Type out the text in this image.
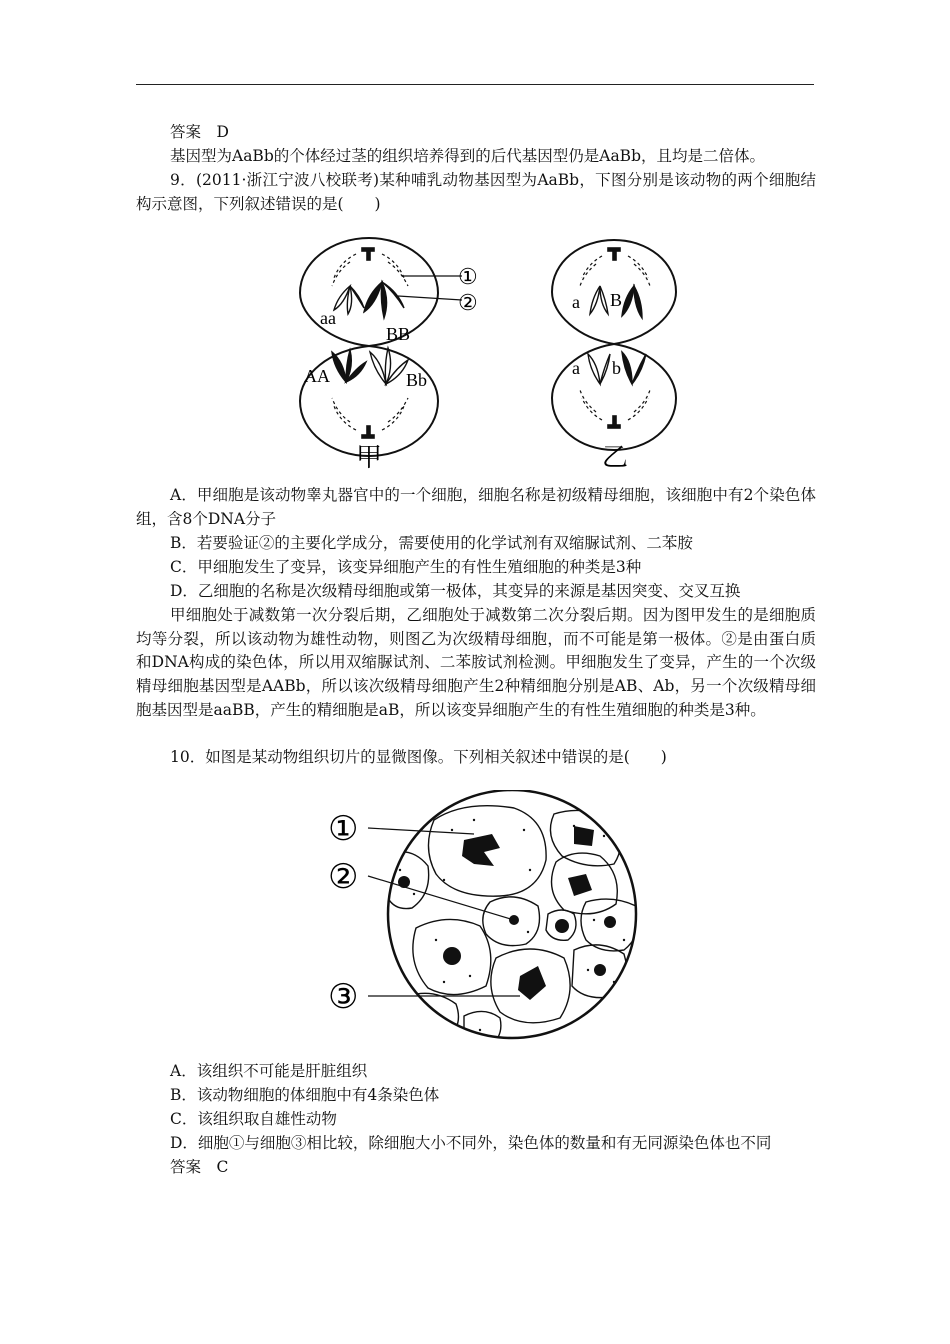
答案　D

基因型为AaBb的个体经过茎的组织培养得到的后代基因型仍是AaBb，且均是二倍体。

9．(2011·浙江宁波八校联考)某种哺乳动物基因型为AaBb，下图分别是该动物的两个细胞结构示意图，下列叙述错误的是(　　)

①
②
aa
BB
AA	Bb
a B
a b
甲	乙

A．甲细胞是该动物睾丸器官中的一个细胞，细胞名称是初级精母细胞，该细胞中有2个染色体组，含8个DNA分子

B．若要验证②的主要化学成分，需要使用的化学试剂有双缩脲试剂、二苯胺

C．甲细胞发生了变异，该变异细胞产生的有性生殖细胞的种类是3种

D．乙细胞的名称是次级精母细胞或第一极体，其变异的来源是基因突变、交叉互换

甲细胞处于减数第一次分裂后期，乙细胞处于减数第二次分裂后期。因为图甲发生的是细胞质均等分裂，所以该动物为雄性动物，则图乙为次级精母细胞，而不可能是第一极体。②是由蛋白质和DNA构成的染色体，所以用双缩脲试剂、二苯胺试剂检测。甲细胞发生了变异，产生的一个次级精母细胞基因型是AABb，所以该次级精母细胞产生2种精细胞分别是AB、Ab，另一个次级精母细胞基因型是aaBB，产生的精细胞是aB，所以该变异细胞产生的有性生殖细胞的种类是3种。

10．如图是某动物组织切片的显微图像。下列相关叙述中错误的是(　　)

①
②
③

A．该组织不可能是肝脏组织

B．该动物细胞的体细胞中有4条染色体

C．该组织取自雄性动物

D．细胞①与细胞③相比较，除细胞大小不同外，染色体的数量和有无同源染色体也不同

答案　C
